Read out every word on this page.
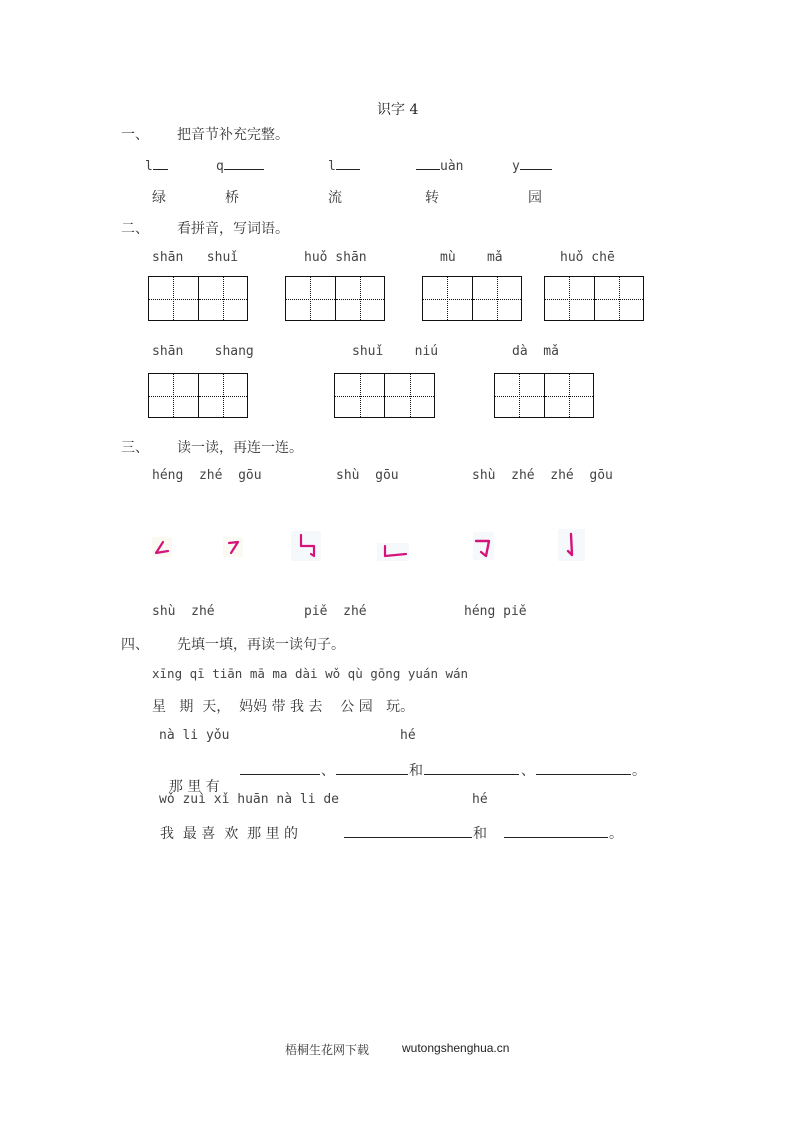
识字 4
一、 把音节补充完整。
l	q	l	uàn	y
绿	桥	流	转	园
二、 看拼音，写词语。
shān   shuǐ	huǒ shān	mù    mǎ	huǒ chē
shān    shang	shuǐ    niú	dà  mǎ
三、 读一读，再连一连。
héng  zhé  gōu	shù  gōu	shù  zhé  zhé  gōu
shù  zhé	piě  zhé	héng piě
四、 先填一填，再读一读句子。
xīng qī tiān mā ma dài wǒ qù gōng yuán wán
星   期  天，  妈妈 带 我 去    公 园   玩。
nà li yǒu	hé

那 里 有

、	和	、	。
wǒ zuì xǐ huān nà li de	hé
我  最 喜  欢  那 里 的	和	。
梧桐生花网下载	wutongshenghua.cn
